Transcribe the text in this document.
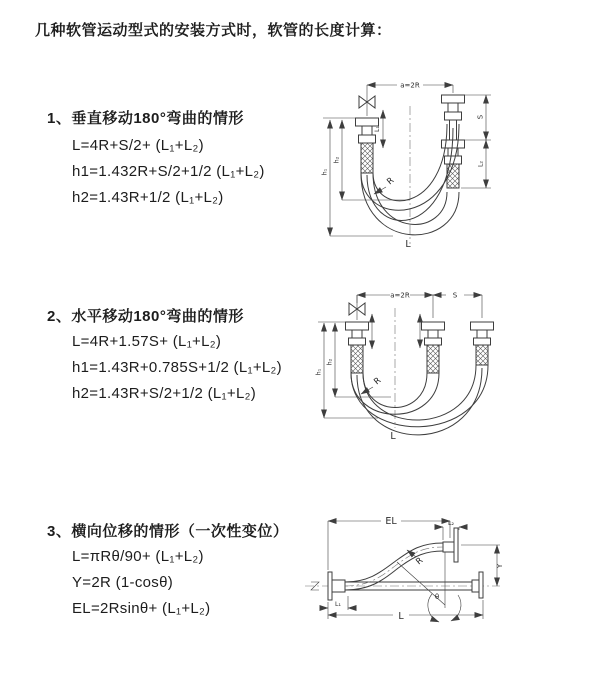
几种软管运动型式的安装方式时，软管的长度计算：
1、垂直移动180°弯曲的情形
L=4R+S/2+ (L₁+L₂)
h1=1.432R+S/2+1/2 (L₁+L₂)
h2=1.43R+1/2 (L₁+L₂)
2、水平移动180°弯曲的情形
L=4R+1.57S+ (L₁+L₂)
h1=1.43R+0.785S+1/2 (L₁+L₂)
h2=1.43R+S/2+1/2 (L₁+L₂)
3、横向位移的情形（一次性变位）
L=πRθ/90+ (L₁+L₂)
Y=2R (1-cosθ)
EL=2Rsinθ+ (L₁+L₂)
a=2R
L₁
h₁
h₂
S
L₂
R
L
a=2R	S
h₁
h₂
R
L
θ
R
EL	L₂
Y
L₁
L
